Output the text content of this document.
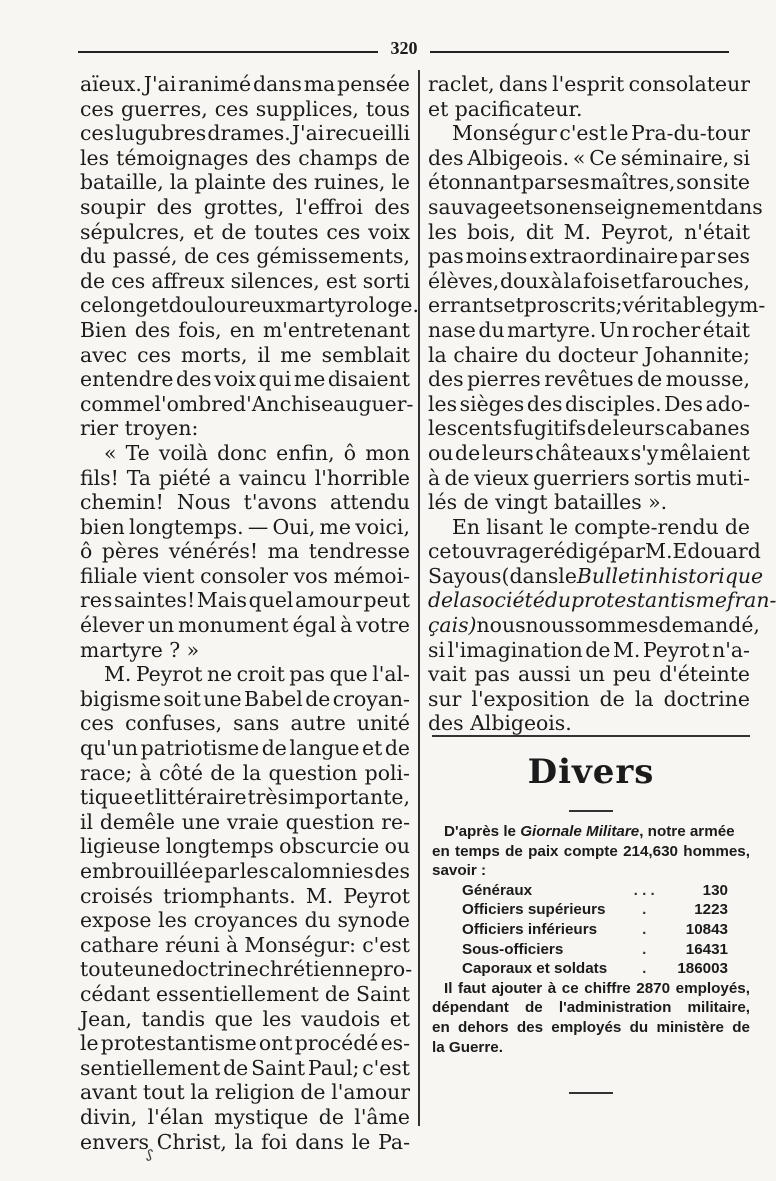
320
aïeux. J'ai ranimé dans ma pensée
ces guerres, ces supplices, tous
ces lugubres drames. J'ai recueilli
les témoignages des champs de
bataille, la plainte des ruines, le
soupir des grottes, l'effroi des
sépulcres, et de toutes ces voix
du passé, de ces gémissements,
de ces affreux silences, est sorti
celong et douloureux martyrologe.
Bien des fois, en m'entretenant
avec ces morts, il me semblait
entendre des voix qui me disaient
comme l'ombre d'Anchise au guer-
rier troyen:
« Te voilà donc enfin, ô mon
fils! Ta piété a vaincu l'horrible
chemin! Nous t'avons attendu
bien longtemps. — Oui, me voici,
ô pères vénérés! ma tendresse
filiale vient consoler vos mémoi-
res saintes! Mais quel amour peut
élever un monument égal à votre
martyre ? »
M. Peyrot ne croit pas que l'al-
bigisme soit une Babel de croyan-
ces confuses, sans autre unité
qu'un patriotisme de langue et de
race; à côté de la question poli-
tique et littéraire très importante,
il demêle une vraie question re-
ligieuse longtemps obscurcie ou
embrouillée par les calomnies des
croisés triomphants. M. Peyrot
expose les croyances du synode
cathare réuni à Monségur: c'est
toute une doctrine chrétienne pro-
cédant essentiellement de Saint
Jean, tandis que les vaudois et
le protestantisme ont procédé es-
sentiellement de Saint Paul; c'est
avant tout la religion de l'amour
divin, l'élan mystique de l'âme
envers Christ, la foi dans le Pa-
raclet, dans l'esprit consolateur
et pacificateur.
Monségur c'est le Pra-du-tour
des Albigeois. « Ce séminaire, si
étonnant par ses maîtres, son site
sauvage et son enseignement dans
les bois, dit M. Peyrot, n'était
pas moins extraordinaire par ses
élèves, doux à la fois et farouches,
errants et proscrits; véritable gym-
nase du martyre. Un rocher était
la chaire du docteur Johannite;
des pierres revêtues de mousse,
les sièges des disciples. Des ado-
lescents fugitifs de leurs cabanes
ou de leurs châteaux s'y mêlaient
à de vieux guerriers sortis muti-
lés de vingt batailles ».
En lisant le compte-rendu de
cet ouvrage rédigé par M. Edouard
Sayous (dans le Bulletin historique
de la société du protestantisme fran-
çais) nous nous sommes demandé,
si l'imagination de M. Peyrot n'a-
vait pas aussi un peu d'éteinte
sur l'exposition de la doctrine
des Albigeois.
Divers
D'après le Giornale Militare, notre armée
en temps de paix compte 214,630 hommes,
savoir :
Généraux	. . .	130
Officiers supérieurs	.	1223
Officiers inférieurs	.	10843
Sous-officiers	.	16431
Caporaux et soldats	.	186003
Il faut ajouter à ce chiffre 2870 employés,
dépendant de l'administration militaire,
en dehors des employés du ministère de
la Guerre.
ᔑ
